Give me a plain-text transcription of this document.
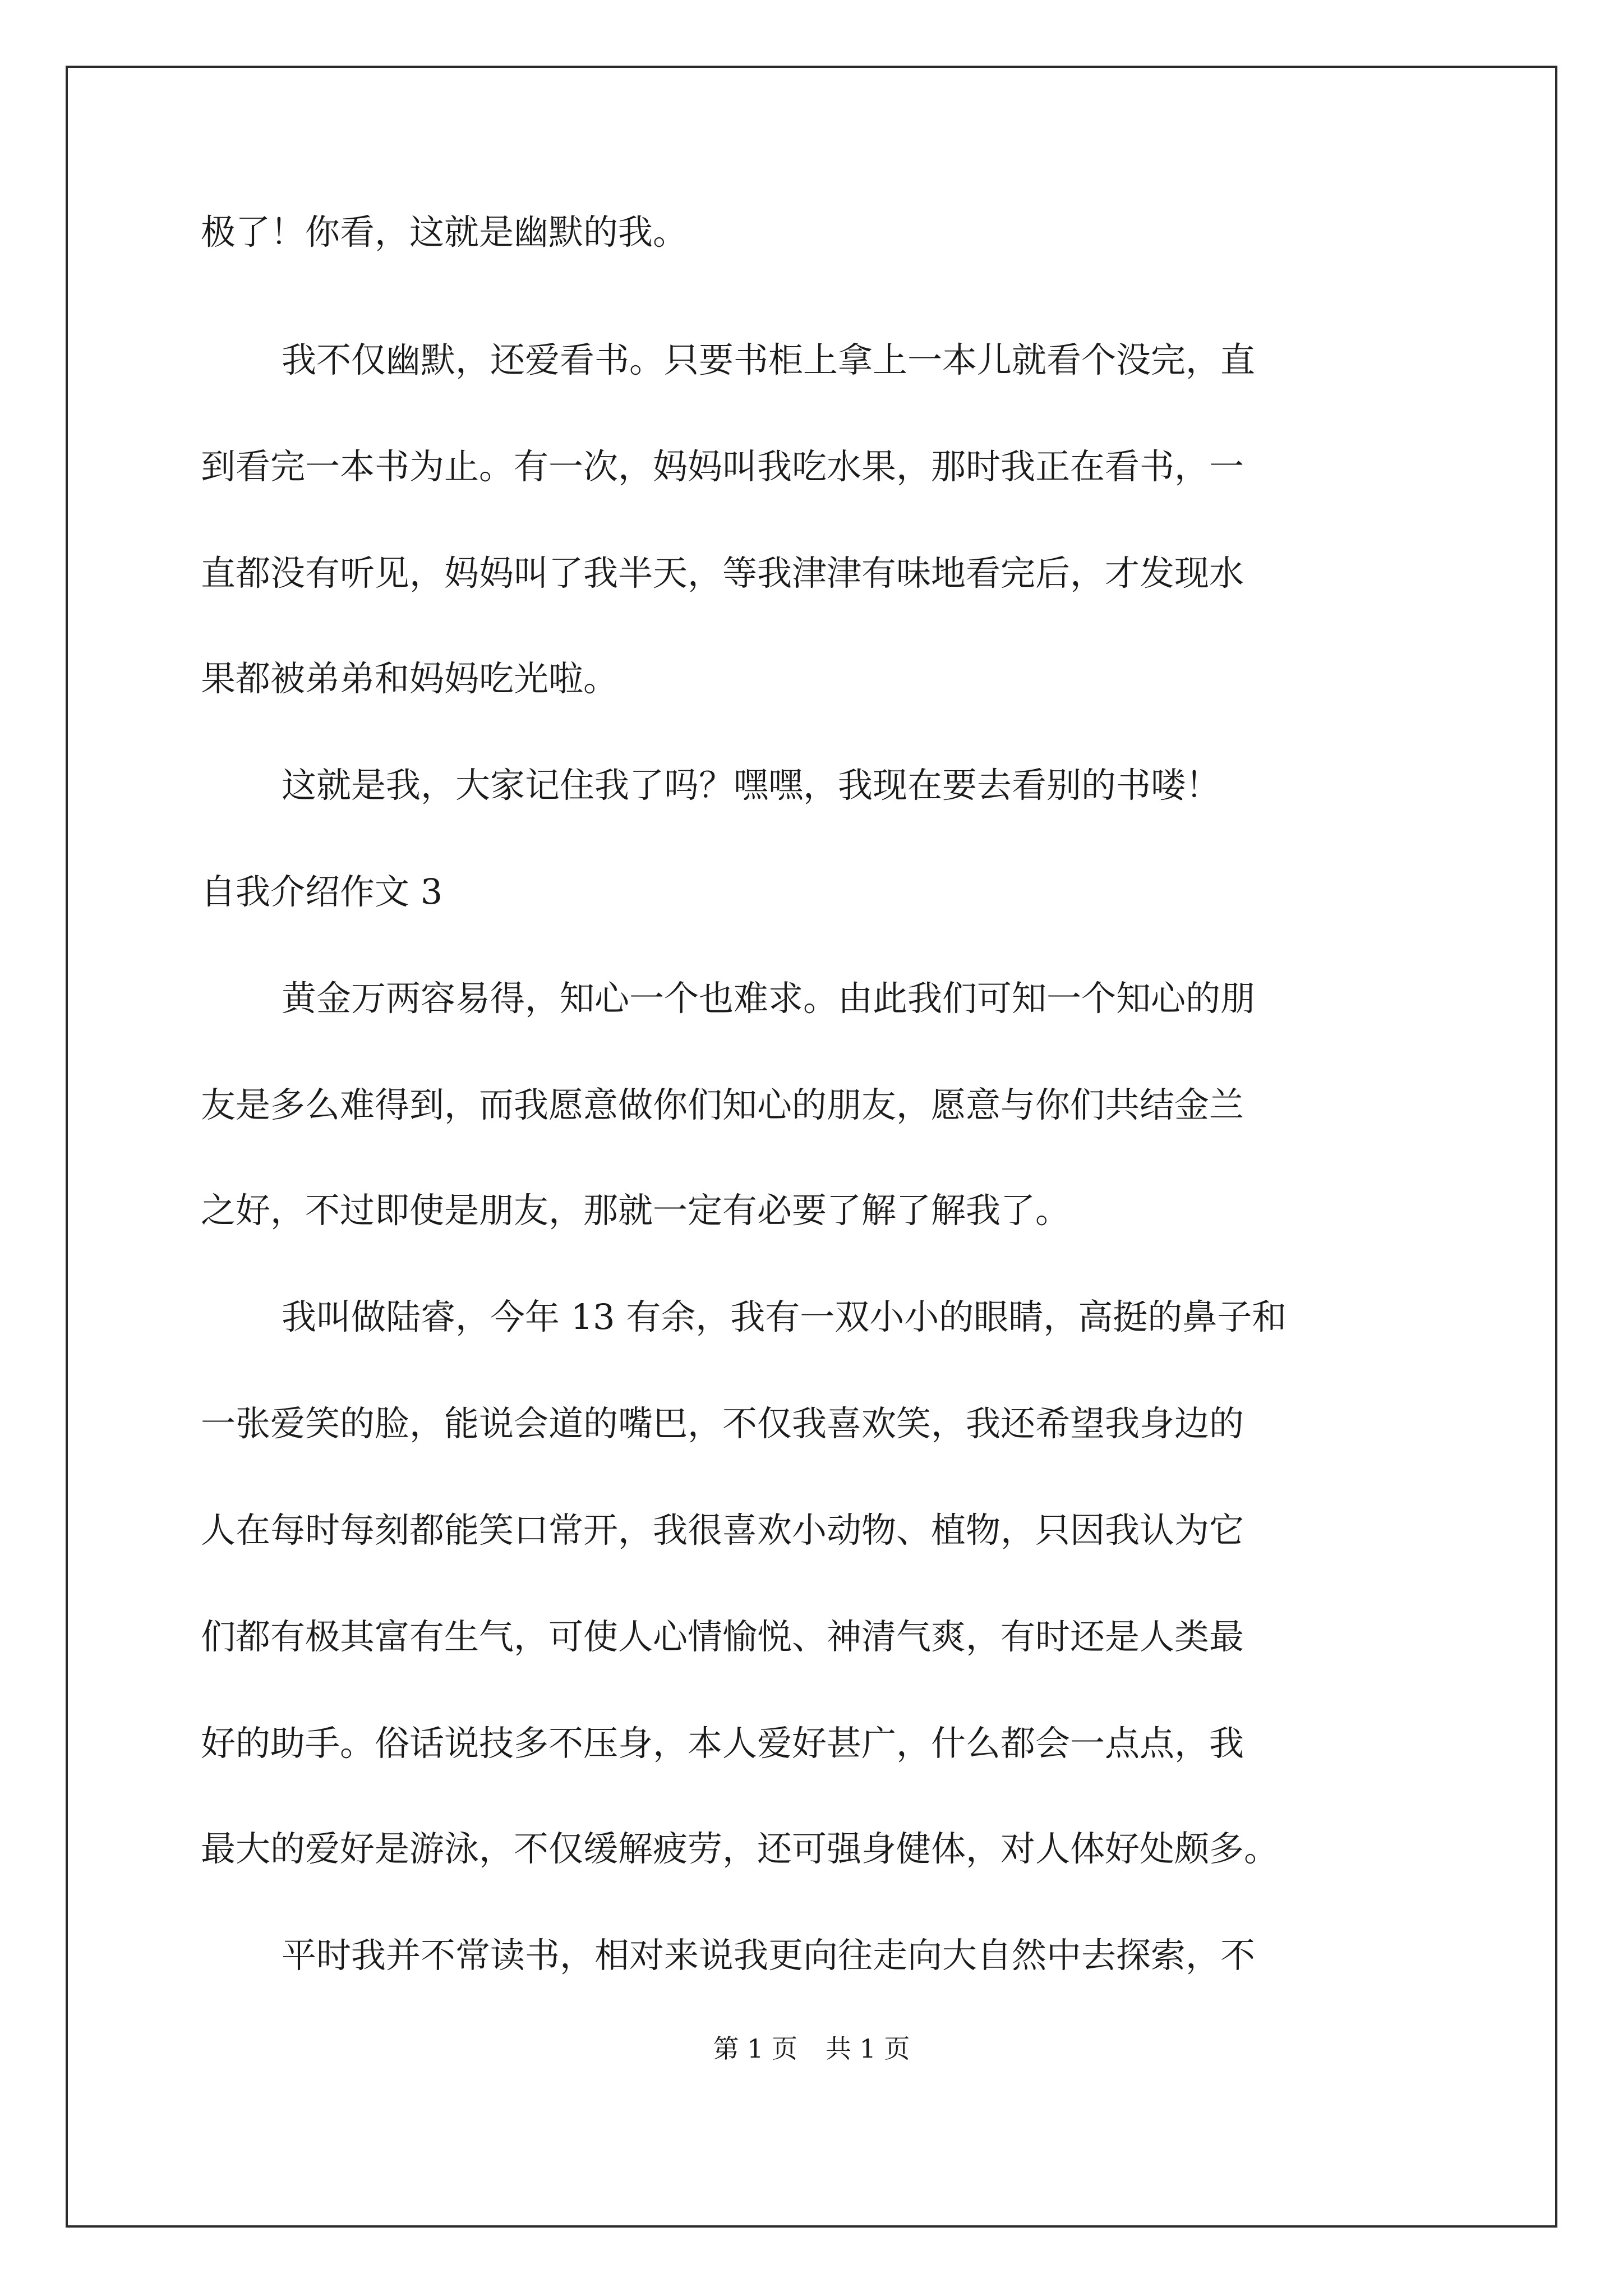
极了！你看，这就是幽默的我。
我不仅幽默，还爱看书。只要书柜上拿上一本儿就看个没完，直
到看完一本书为止。有一次，妈妈叫我吃水果，那时我正在看书，一
直都没有听见，妈妈叫了我半天，等我津津有味地看完后，才发现水
果都被弟弟和妈妈吃光啦。
这就是我，大家记住我了吗？嘿嘿，我现在要去看别的书喽！
自我介绍作文 3
黄金万两容易得，知心一个也难求。由此我们可知一个知心的朋
友是多么难得到，而我愿意做你们知心的朋友，愿意与你们共结金兰
之好，不过即使是朋友，那就一定有必要了解了解我了。
我叫做陆睿，今年 13 有余，我有一双小小的眼睛，高挺的鼻子和
一张爱笑的脸，能说会道的嘴巴，不仅我喜欢笑，我还希望我身边的
人在每时每刻都能笑口常开，我很喜欢小动物、植物，只因我认为它
们都有极其富有生气，可使人心情愉悦、神清气爽，有时还是人类最
好的助手。俗话说技多不压身，本人爱好甚广，什么都会一点点，我
最大的爱好是游泳，不仅缓解疲劳，还可强身健体，对人体好处颇多。
平时我并不常读书，相对来说我更向往走向大自然中去探索，不
第 1 页 共 1 页
